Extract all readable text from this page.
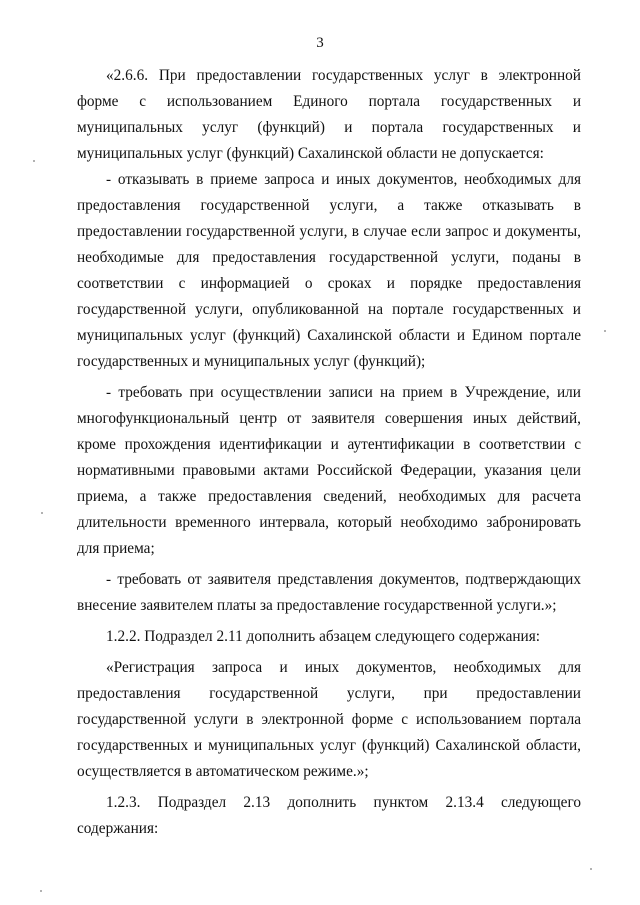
3

«2.6.6. При предоставлении государственных услуг в электронной форме с использованием Единого портала государственных и муниципальных услуг (функций) и портала государственных и муниципальных услуг (функций) Сахалинской области не допускается:

- отказывать в приеме запроса и иных документов, необходимых для предоставления государственной услуги, а также отказывать в предоставлении государственной услуги, в случае если запрос и документы, необходимые для предоставления государственной услуги, поданы в соответствии с информацией о сроках и порядке предоставления государственной услуги, опубликованной на портале государственных и муниципальных услуг (функций) Сахалинской области и Едином портале государственных и муниципальных услуг (функций);

- требовать при осуществлении записи на прием в Учреждение, или многофункциональный центр от заявителя совершения иных действий, кроме прохождения идентификации и аутентификации в соответствии с нормативными правовыми актами Российской Федерации, указания цели приема, а также предоставления сведений, необходимых для расчета длительности временного интервала, который необходимо забронировать для приема;

- требовать от заявителя представления документов, подтверждающих внесение заявителем платы за предоставление государственной услуги.»;

1.2.2. Подраздел 2.11 дополнить абзацем следующего содержания:

«Регистрация запроса и иных документов, необходимых для предоставления государственной услуги, при предоставлении государственной услуги в электронной форме с использованием портала государственных и муниципальных услуг (функций) Сахалинской области, осуществляется в автоматическом режиме.»;

1.2.3. Подраздел 2.13 дополнить пунктом 2.13.4 следующего содержания:
